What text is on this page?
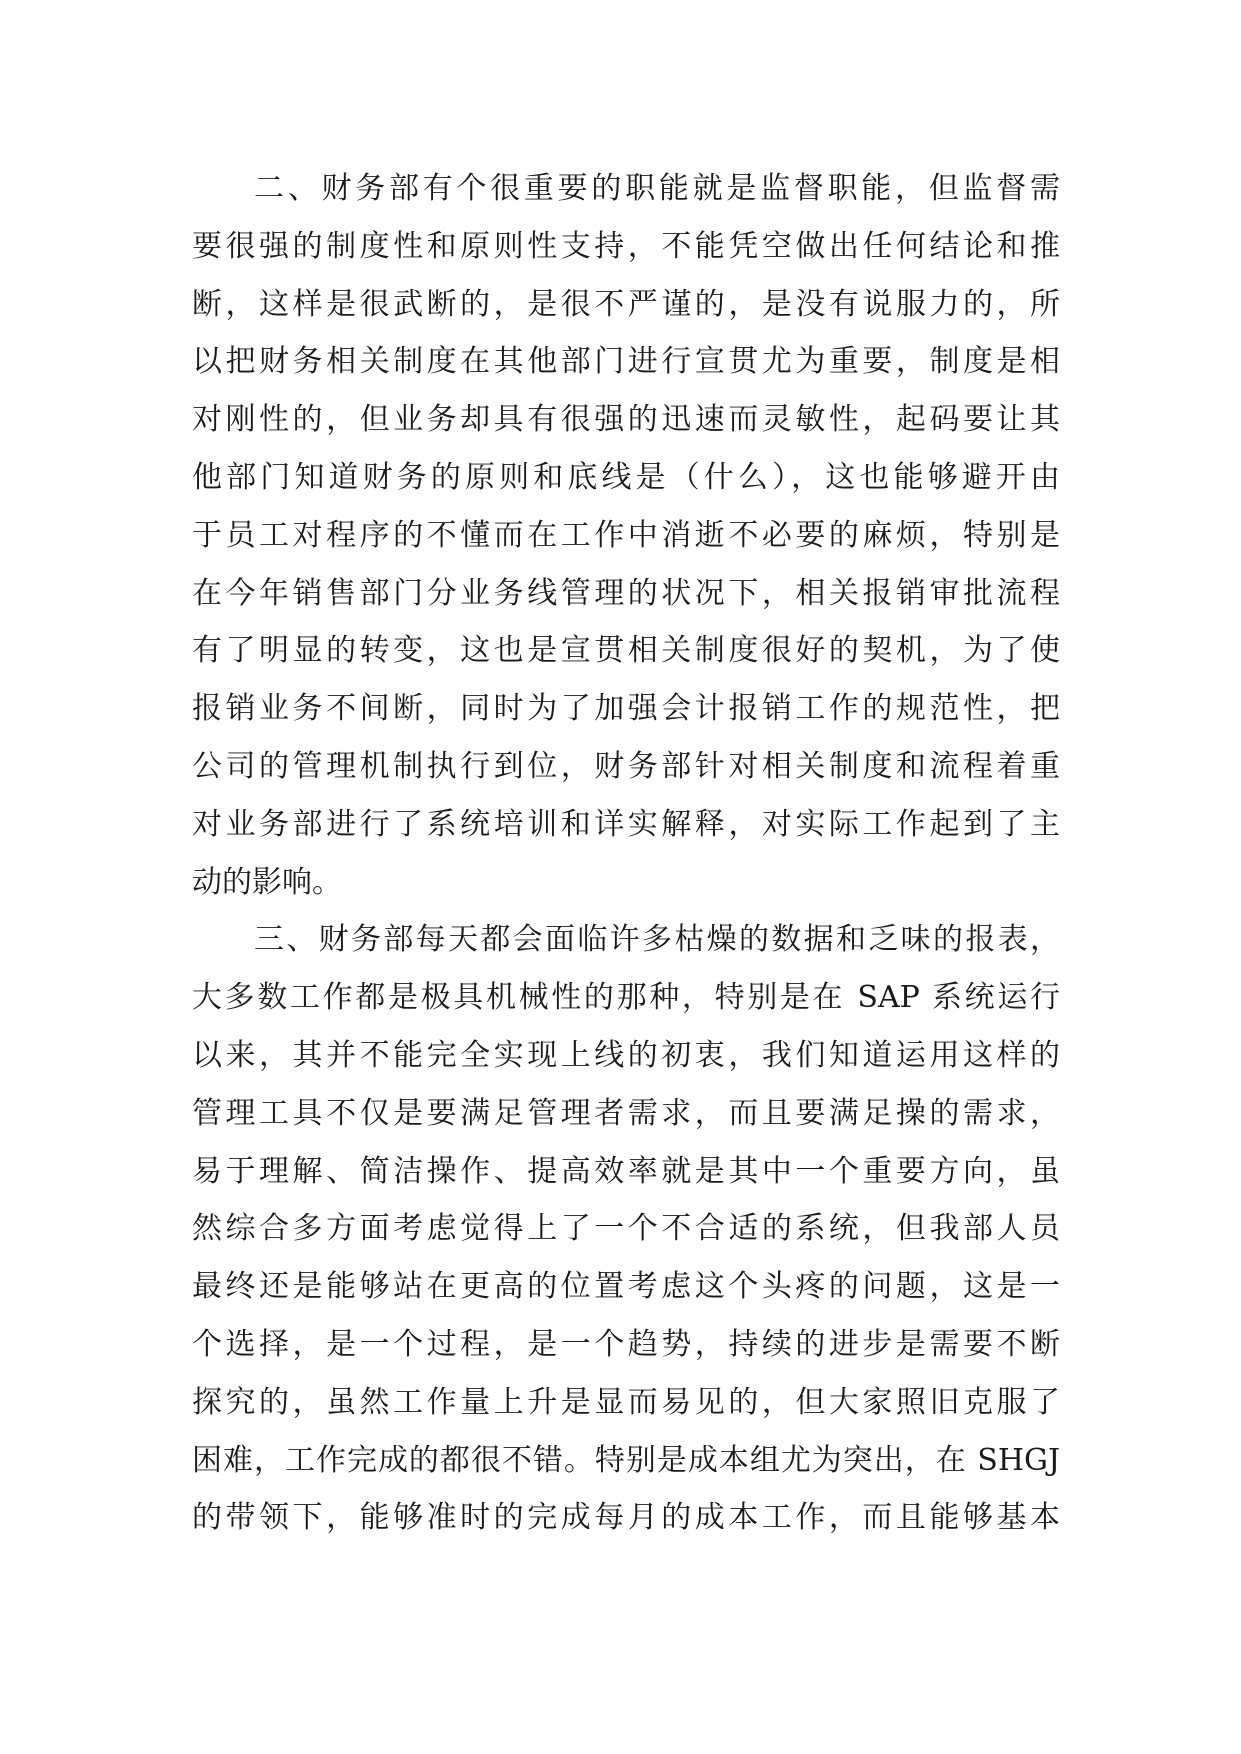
二、财务部有个很重要的职能就是监督职能，但监督需
要很强的制度性和原则性支持，不能凭空做出任何结论和推
断，这样是很武断的，是很不严谨的，是没有说服力的，所
以把财务相关制度在其他部门进行宣贯尤为重要，制度是相
对刚性的，但业务却具有很强的迅速而灵敏性，起码要让其
他部门知道财务的原则和底线是（什么），这也能够避开由
于员工对程序的不懂而在工作中消逝不必要的麻烦，特别是
在今年销售部门分业务线管理的状况下，相关报销审批流程
有了明显的转变，这也是宣贯相关制度很好的契机，为了使
报销业务不间断，同时为了加强会计报销工作的规范性，把
公司的管理机制执行到位，财务部针对相关制度和流程着重
对业务部进行了系统培训和详实解释，对实际工作起到了主
动的影响。
三、财务部每天都会面临许多枯燥的数据和乏味的报表，
大多数工作都是极具机械性的那种，特别是在 SAP 系统运行
以来，其并不能完全实现上线的初衷，我们知道运用这样的
管理工具不仅是要满足管理者需求，而且要满足操的需求，
易于理解、简洁操作、提高效率就是其中一个重要方向，虽
然综合多方面考虑觉得上了一个不合适的系统，但我部人员
最终还是能够站在更高的位置考虑这个头疼的问题，这是一
个选择，是一个过程，是一个趋势，持续的进步是需要不断
探究的，虽然工作量上升是显而易见的，但大家照旧克服了
困难，工作完成的都很不错。特别是成本组尤为突出，在 SHGJ
的带领下，能够准时的完成每月的成本工作，而且能够基本
